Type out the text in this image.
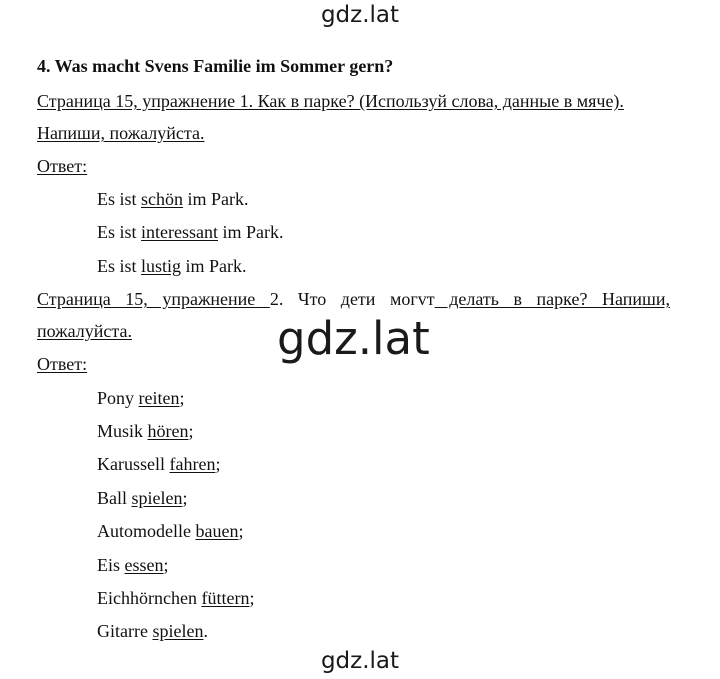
gdz.lat
4. Was macht Svens Familie im Sommer gern?
Страница 15, упражнение 1. Как в парке? (Используй слова, данные в мяче).
Напиши, пожалуйста.
Ответ:
Es ist schön im Park.
Es ist interessant im Park.
Es ist lustig im Park.
Страница 15, упражнение 2. Что дети могvт делать в парке? Напиши,
пожалуйста.	gdz.lat
Ответ:
Pony reiten;
Musik hören;
Karussell fahren;
Ball spielen;
Automodelle bauen;
Eis essen;
Eichhörnchen füttern;
Gitarre spielen.
gdz.lat
